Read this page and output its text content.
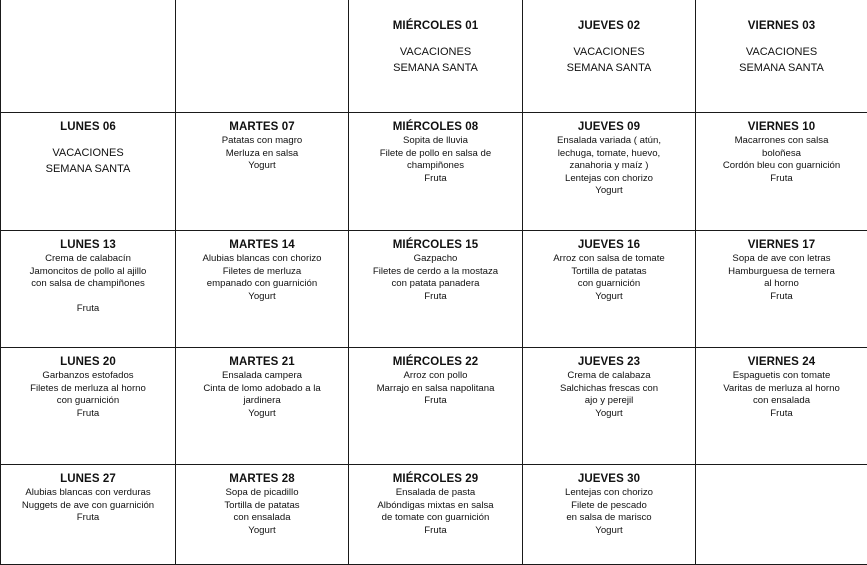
MIÉRCOLES 01
VACACIONES
SEMANA SANTA
JUEVES 02
VACACIONES
SEMANA SANTA
VIERNES 03
VACACIONES
SEMANA SANTA
LUNES 06
VACACIONES
SEMANA SANTA
MARTES 07
Patatas con magro
Merluza en salsa
Yogurt
MIÉRCOLES 08
Sopita de lluvia
Filete de pollo en salsa de
champiñones
Fruta
JUEVES 09
Ensalada variada ( atún,
lechuga, tomate, huevo,
zanahoria y maíz )
Lentejas con chorizo
Yogurt
VIERNES 10
Macarrones con salsa
boloñesa
Cordón bleu con guarnición
Fruta
LUNES 13
Crema de calabacín
Jamoncitos de pollo al ajillo
con salsa de champiñones
Fruta
MARTES 14
Alubias blancas con chorizo
Filetes de merluza
empanado con guarnición
Yogurt
MIÉRCOLES 15
Gazpacho
Filetes de cerdo a la mostaza
con patata panadera
Fruta
JUEVES 16
Arroz con salsa de tomate
Tortilla de patatas
con guarnición
Yogurt
VIERNES 17
Sopa de ave con letras
Hamburguesa de ternera
al horno
Fruta
LUNES 20
Garbanzos estofados
Filetes de merluza al horno
con guarnición
Fruta
MARTES 21
Ensalada campera
Cinta de lomo adobado a la
jardinera
Yogurt
MIÉRCOLES 22
Arroz con pollo
Marrajo en salsa napolitana
Fruta
JUEVES 23
Crema de calabaza
Salchichas frescas con
ajo y perejil
Yogurt
VIERNES 24
Espaguetis con tomate
Varitas de merluza al horno
con ensalada
Fruta
LUNES 27
Alubias blancas con verduras
Nuggets de ave con guarnición
Fruta
MARTES 28
Sopa de picadillo
Tortilla de patatas
con ensalada
Yogurt
MIÉRCOLES 29
Ensalada de pasta
Albóndigas mixtas en salsa
de tomate con guarnición
Fruta
JUEVES 30
Lentejas con chorizo
Filete de pescado
en salsa de marisco
Yogurt
